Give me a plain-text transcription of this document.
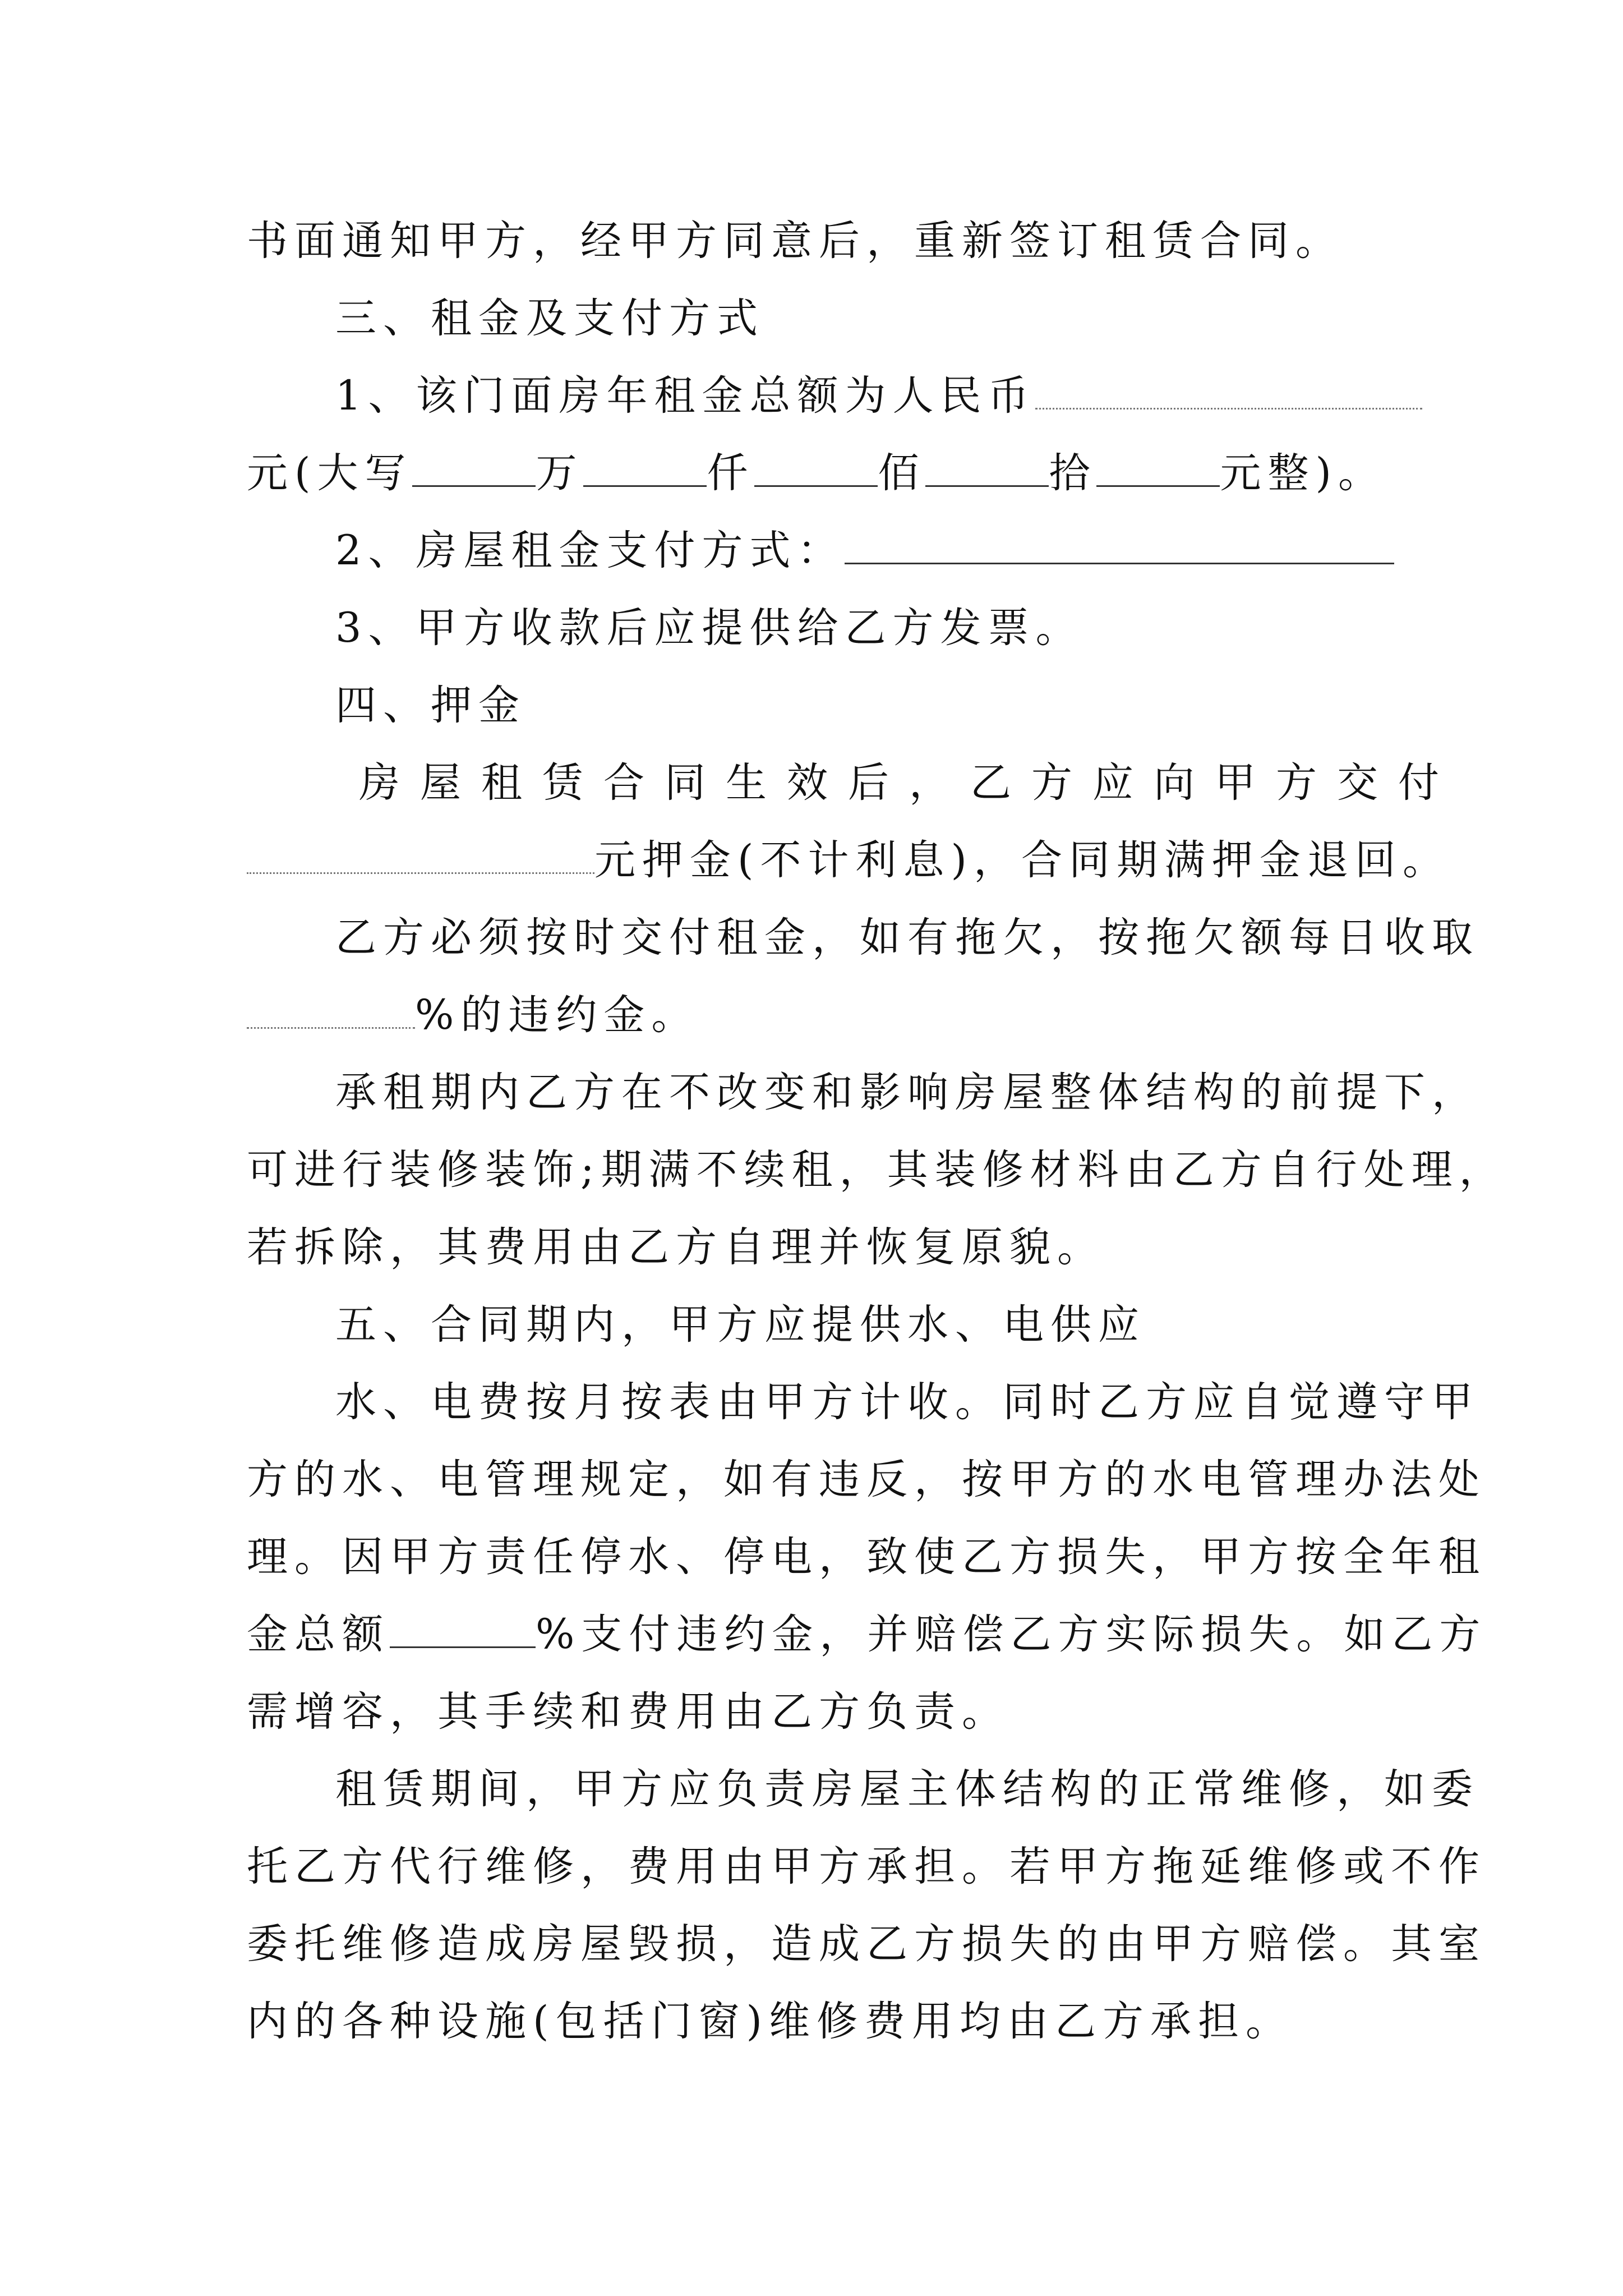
书面通知甲方，经甲方同意后，重新签订租赁合同。
三、租金及支付方式
1、该门面房年租金总额为人民币
元(大写	万	仟	佰	拾	元整)。
2、房屋租金支付方式：
3、甲方收款后应提供给乙方发票。
四、押金
房屋租赁合同生效后，乙方应向甲方交付
元押金(不计利息)，合同期满押金退回。
乙方必须按时交付租金，如有拖欠，按拖欠额每日收取
%的违约金。
承租期内乙方在不改变和影响房屋整体结构的前提下，
可进行装修装饰;期满不续租，其装修材料由乙方自行处理，
若拆除，其费用由乙方自理并恢复原貌。
五、合同期内，甲方应提供水、电供应
水、电费按月按表由甲方计收。同时乙方应自觉遵守甲
方的水、电管理规定，如有违反，按甲方的水电管理办法处
理。因甲方责任停水、停电，致使乙方损失，甲方按全年租
金总额	%支付违约金，并赔偿乙方实际损失。如乙方
需增容，其手续和费用由乙方负责。
租赁期间，甲方应负责房屋主体结构的正常维修，如委
托乙方代行维修，费用由甲方承担。若甲方拖延维修或不作
委托维修造成房屋毁损，造成乙方损失的由甲方赔偿。其室
内的各种设施(包括门窗)维修费用均由乙方承担。
